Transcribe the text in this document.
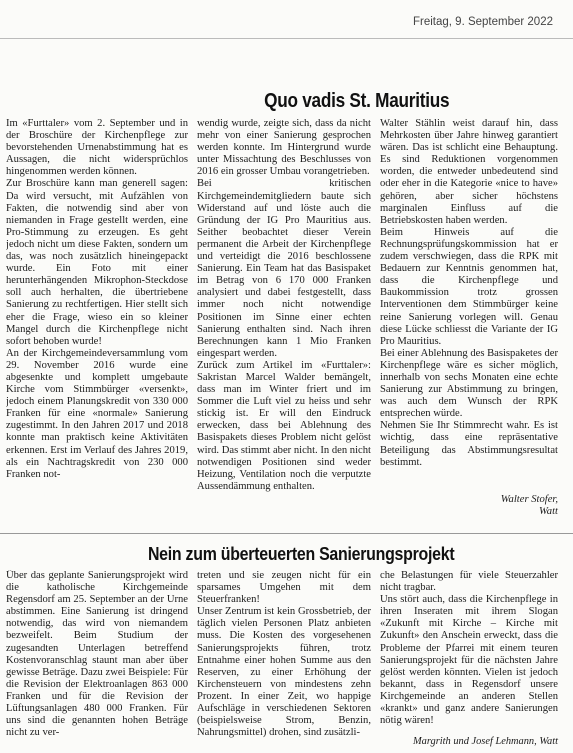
Freitag, 9. September 2022
Quo vadis St. Mauritius

Im «Furttaler» vom 2. September und in der Broschüre der Kirchenpflege zur bevorstehenden Urnenabstimmung hat es Aussagen, die nicht widersprüchlos hingenommen werden können.

Zur Broschüre kann man generell sagen: Da wird versucht, mit Aufzählen von Fakten, die notwendig sind aber von niemanden in Frage gestellt werden, eine Pro-Stimmung zu erzeugen. Es geht jedoch nicht um diese Fakten, sondern um das, was noch zusätzlich hineingepackt wurde. Ein Foto mit einer herunterhängenden Mikrophon-Steckdose soll auch herhalten, die übertriebene Sanierung zu rechtfertigen. Hier stellt sich eher die Frage, wieso ein so kleiner Mangel durch die Kirchenpflege nicht sofort behoben wurde!

An der Kirchgemeindeversammlung vom 29. November 2016 wurde eine abgesenkte und komplett umgebaute Kirche vom Stimmbürger «versenkt», jedoch einem Planungskredit von 330 000 Franken für eine «normale» Sanierung zugestimmt. In den Jahren 2017 und 2018 konnte man praktisch keine Aktivitäten erkennen. Erst im Verlauf des Jahres 2019, als ein Nachtragskredit von 230 000 Franken not-

wendig wurde, zeigte sich, dass da nicht mehr von einer Sanierung gesprochen werden konnte. Im Hintergrund wurde unter Missachtung des Beschlusses von 2016 ein grosser Umbau vorangetrieben.

Bei kritischen Kirchgemeindemitgliedern baute sich Widerstand auf und löste auch die Gründung der IG Pro Mauritius aus. Seither beobachtet dieser Verein permanent die Arbeit der Kirchenpflege und verteidigt die 2016 beschlossene Sanierung. Ein Team hat das Basispaket im Betrag von 6 170 000 Franken analysiert und dabei festgestellt, dass immer noch nicht notwendige Positionen im Sinne einer echten Sanierung enthalten sind. Nach ihren Berechnungen kann 1 Mio Franken eingespart werden.

Zurück zum Artikel im «Furttaler»: Sakristan Marcel Walder bemängelt, dass man im Winter friert und im Sommer die Luft viel zu heiss und sehr stickig ist. Er will den Eindruck erwecken, dass bei Ablehnung des Basispakets dieses Problem nicht gelöst wird. Das stimmt aber nicht. In den nicht notwendigen Positionen sind weder Heizung, Ventilation noch die verputzte Aussendämmung enthalten.

Walter Stählin weist darauf hin, dass Mehrkosten über Jahre hinweg garantiert wären. Das ist schlicht eine Behauptung. Es sind Reduktionen vorgenommen worden, die entweder unbedeutend sind oder eher in die Kategorie «nice to have» gehören, aber sicher höchstens marginalen Einfluss auf die Betriebskosten haben werden.

Beim Hinweis auf die Rechnungsprüfungskommission hat er zudem verschwiegen, dass die RPK mit Bedauern zur Kenntnis genommen hat, dass die Kirchenpflege und Baukommission trotz grossen Interventionen dem Stimmbürger keine reine Sanierung vorlegen will. Genau diese Lücke schliesst die Variante der IG Pro Mauritius.

Bei einer Ablehnung des Basispaketes der Kirchenpflege wäre es sicher möglich, innerhalb von sechs Monaten eine echte Sanierung zur Abstimmung zu bringen, was auch dem Wunsch der RPK entsprechen würde.

Nehmen Sie Ihr Stimmrecht wahr. Es ist wichtig, dass eine repräsentative Beteiligung das Abstimmungsresultat bestimmt.

Walter Stofer,
Watt
Nein zum überteuerten Sanierungsprojekt

Über das geplante Sanierungsprojekt wird die katholische Kirchgemeinde Regensdorf am 25. September an der Urne abstimmen. Eine Sanierung ist dringend notwendig, das wird von niemandem bezweifelt. Beim Studium der zugesandten Unterlagen betreffend Kostenvoranschlag staunt man aber über gewisse Beträge. Dazu zwei Beispiele: Für die Revision der Elektroanlagen 863 000 Franken und für die Revision der Lüftungsanlagen 480 000 Franken. Für uns sind die genannten hohen Beträge nicht zu ver-

treten und sie zeugen nicht für ein sparsames Umgehen mit dem Steuerfranken!

Unser Zentrum ist kein Grossbetrieb, der täglich vielen Personen Platz anbieten muss. Die Kosten des vorgesehenen Sanierungsprojekts führen, trotz Entnahme einer hohen Summe aus den Reserven, zu einer Erhöhung der Kirchensteuern von mindestens zehn Prozent. In einer Zeit, wo happige Aufschläge in verschiedenen Sektoren (beispielsweise Strom, Benzin, Nahrungsmittel) drohen, sind zusätzli-

che Belastungen für viele Steuerzahler nicht tragbar.

Uns stört auch, dass die Kirchenpflege in ihren Inseraten mit ihrem Slogan «Zukunft mit Kirche – Kirche mit Zukunft» den Anschein erweckt, dass die Probleme der Pfarrei mit einem teuren Sanierungsprojekt für die nächsten Jahre gelöst werden könnten. Vielen ist jedoch bekannt, dass in Regensdorf unsere Kirchgemeinde an anderen Stellen «krankt» und ganz andere Sanierungen nötig wären!

Margrith und Josef Lehmann, Watt
